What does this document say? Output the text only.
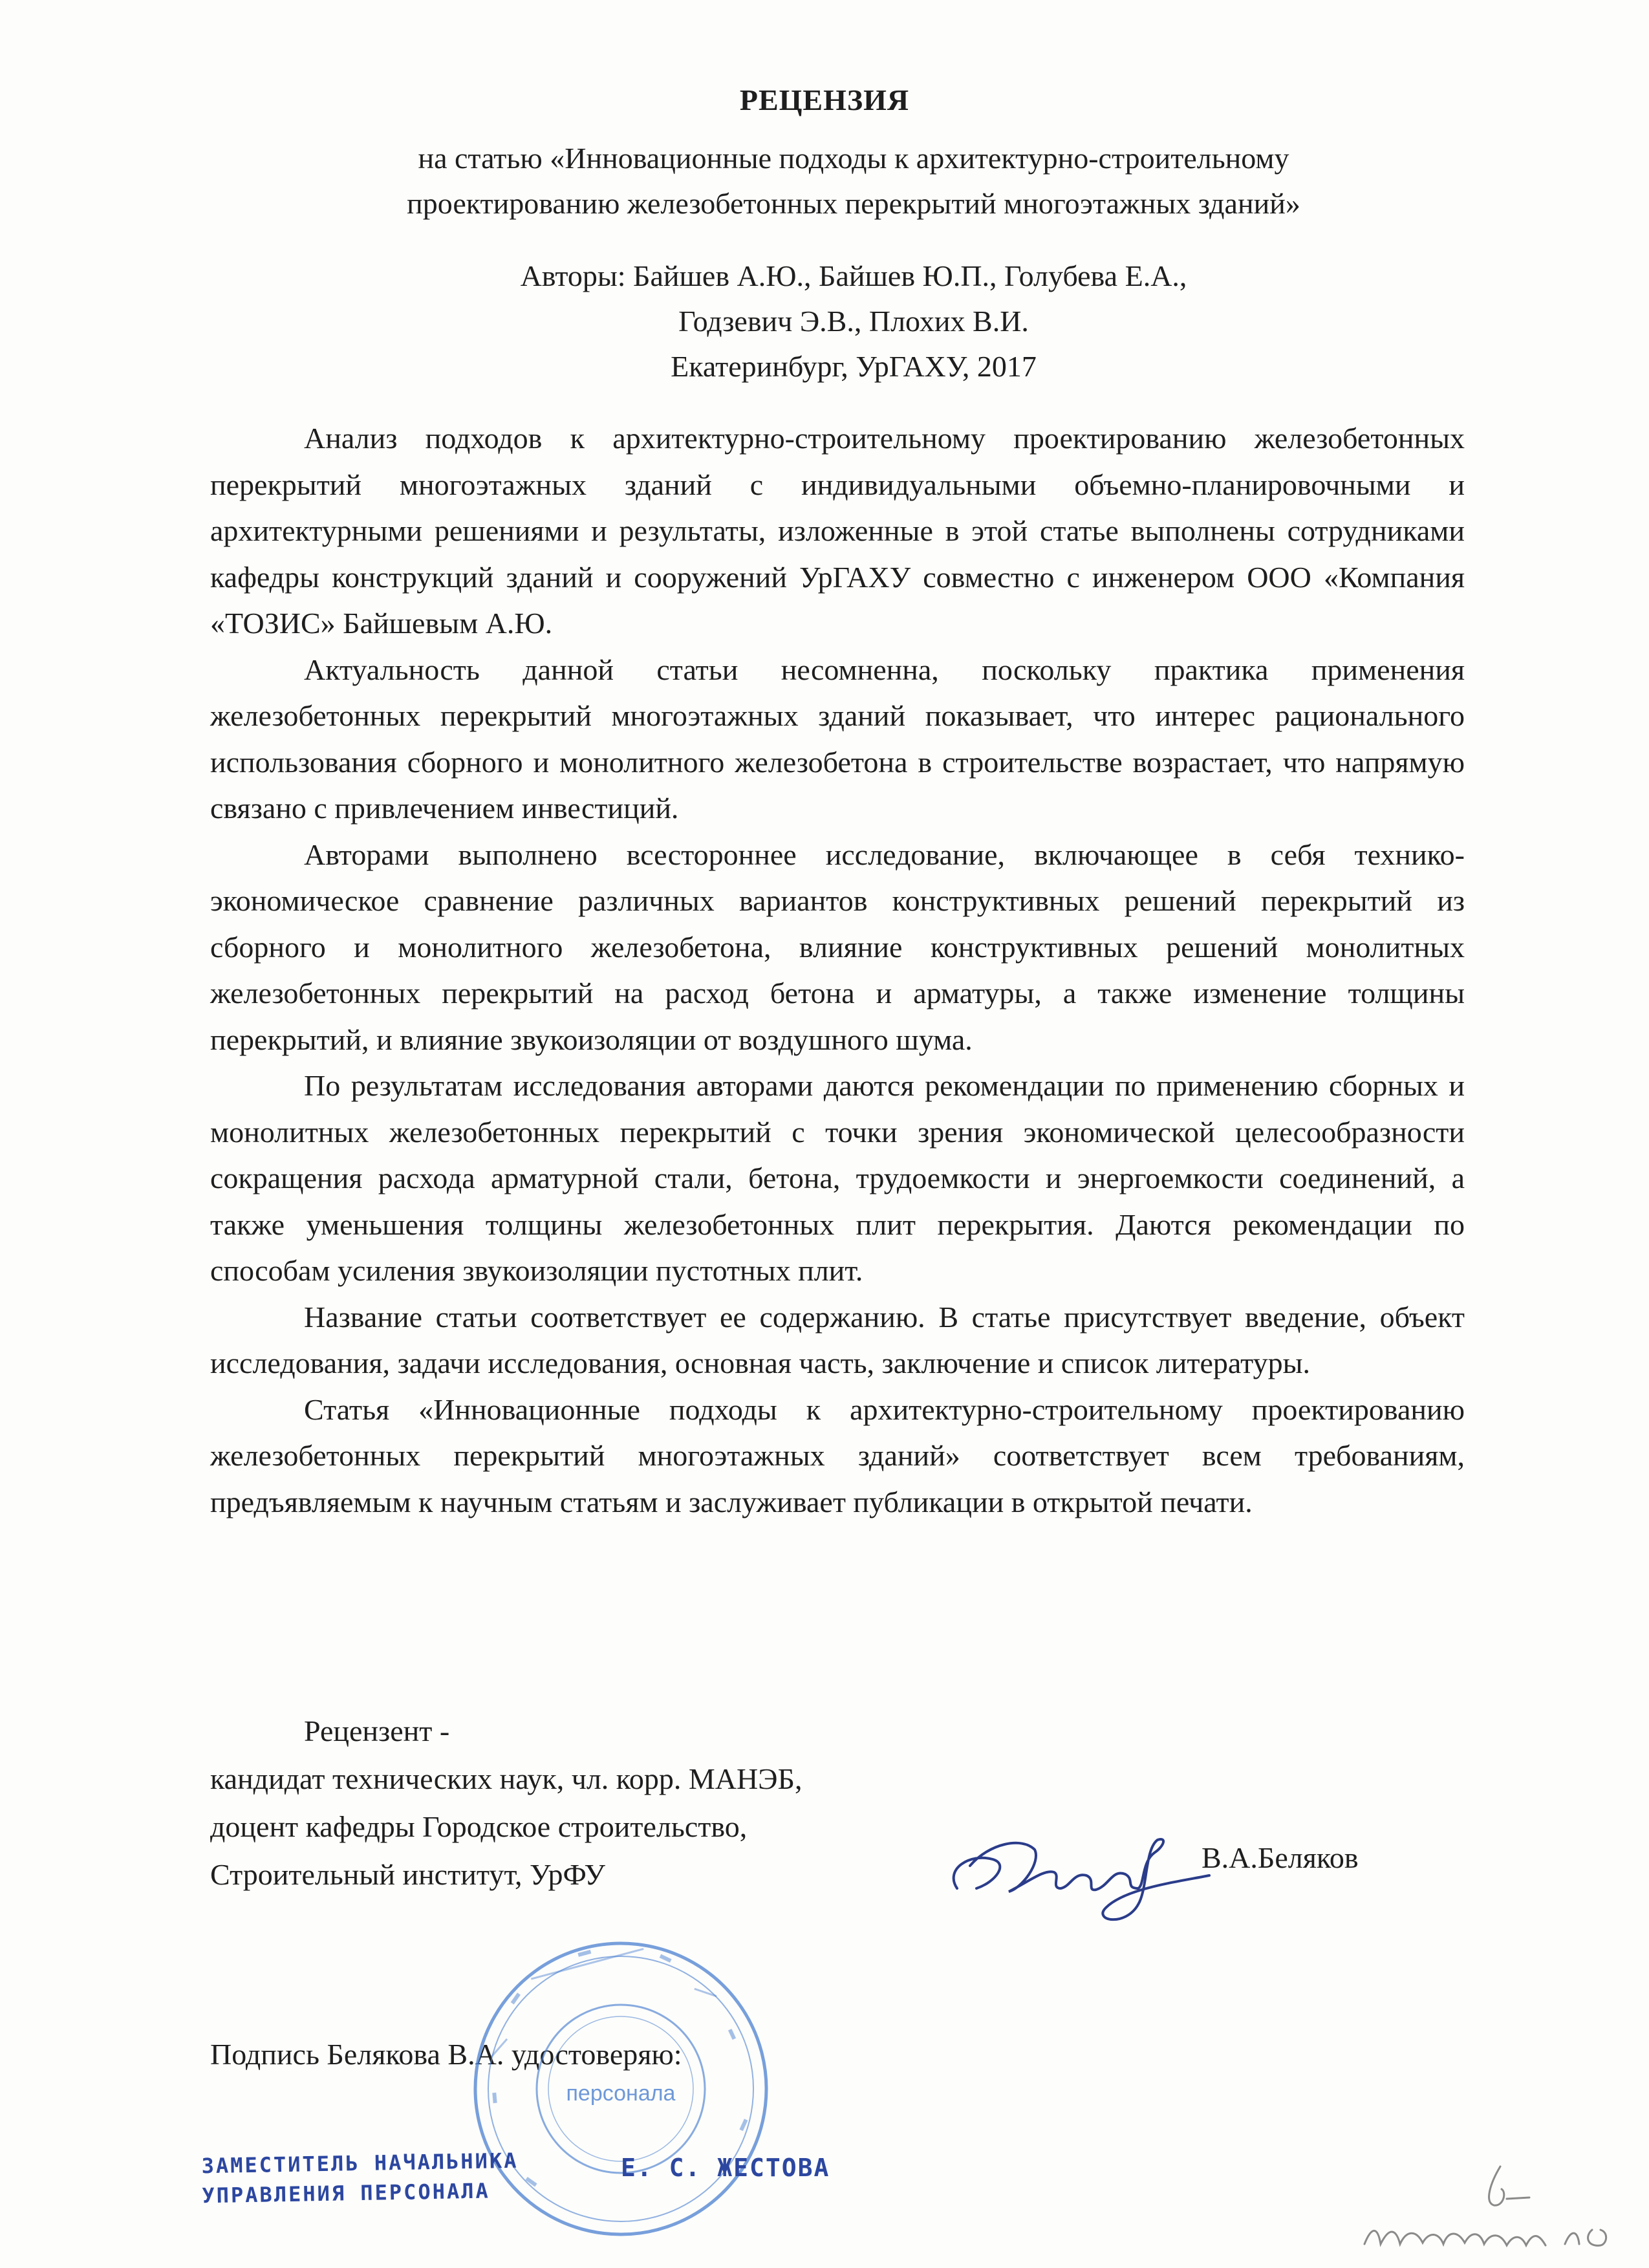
РЕЦЕНЗИЯ
на статью «Инновационные подходы к архитектурно-строительному
проектированию железобетонных перекрытий многоэтажных зданий»
Авторы: Байшев А.Ю., Байшев Ю.П., Голубева Е.А.,
Годзевич Э.В., Плохих В.И.
Екатеринбург, УрГАХУ, 2017

Анализ подходов к архитектурно-строительному проектированию железобетонных перекрытий многоэтажных зданий с индивидуальными объемно-планировочными и архитектурными решениями и результаты, изложенные в этой статье выполнены сотрудниками кафедры конструкций зданий и сооружений УрГАХУ совместно с инженером ООО «Компания «ТОЗИС» Байшевым А.Ю.

Актуальность данной статьи несомненна, поскольку практика применения железобетонных перекрытий многоэтажных зданий показывает, что интерес рационального использования сборного и монолитного железобетона в строительстве возрастает, что напрямую связано с привлечением инвестиций.

Авторами выполнено всестороннее исследование, включающее в себя технико-экономическое сравнение различных вариантов конструктивных решений перекрытий из сборного и монолитного железобетона, влияние конструктивных решений монолитных железобетонных перекрытий на расход бетона и арматуры, а также изменение толщины перекрытий, и влияние звукоизоляции от воздушного шума.

По результатам исследования авторами даются рекомендации по применению сборных и монолитных железобетонных перекрытий с точки зрения экономической целесообразности сокращения расхода арматурной стали, бетона, трудоемкости и энергоемкости соединений, а также уменьшения толщины железобетонных плит перекрытия. Даются рекомендации по способам усиления звукоизоляции пустотных плит.

Название статьи соответствует ее содержанию. В статье присутствует введение, объект исследования, задачи исследования, основная часть, заключение и список литературы.

Статья «Инновационные подходы к архитектурно-строительному проектированию железобетонных перекрытий многоэтажных зданий» соответствует всем требованиям, предъявляемым к научным статьям и заслуживает публикации в открытой печати.

Рецензент -
кандидат технических наук, чл. корр. МАНЭБ,
доцент кафедры Городское строительство,
Строительный институт, УрФУ
В.А.Беляков
Подпись Белякова В.А. удостоверяю:
персонала
ЗАМЕСТИТЕЛЬ НАЧАЛЬНИКА
УПРАВЛЕНИЯ ПЕРСОНАЛА
Е. С. ЖЕСТОВА
